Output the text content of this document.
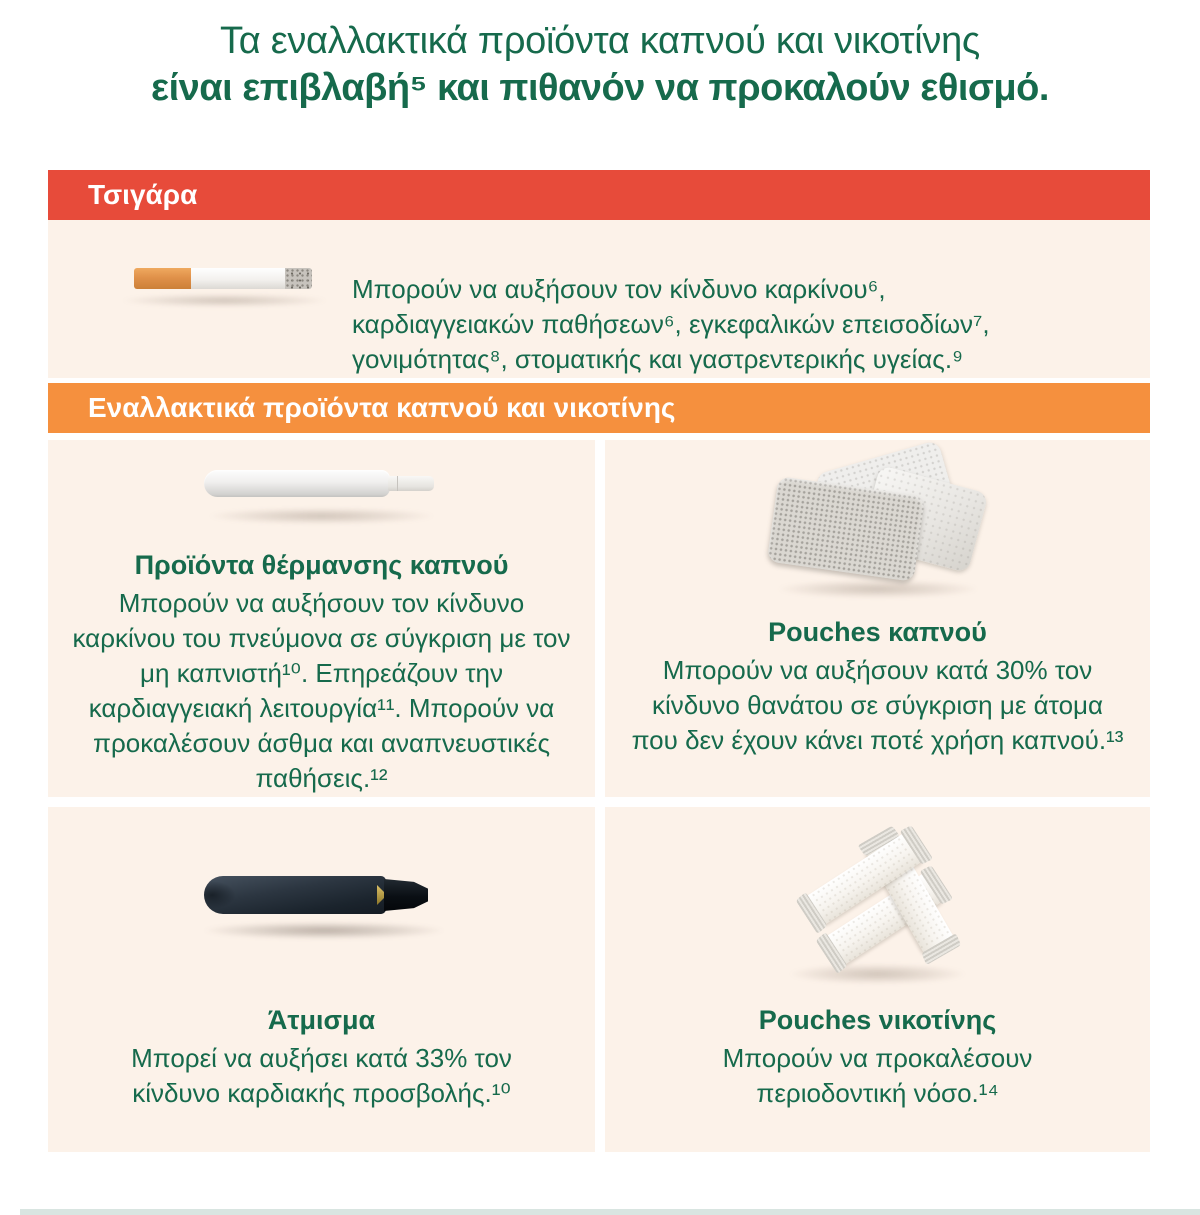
Τα εναλλακτικά προϊόντα καπνού και νικοτίνης
είναι επιβλαβή⁵ και πιθανόν να προκαλούν εθισμό.
Τσιγάρα

Μπορούν να αυξήσουν τον κίνδυνο καρκίνου⁶, καρδιαγγειακών παθήσεων⁶, εγκεφαλικών επεισοδίων⁷, γονιμότητας⁸, στοματικής και γαστρεντερικής υγείας.⁹

Εναλλακτικά προϊόντα καπνού και νικοτίνης
Προϊόντα θέρμανσης καπνού

Μπορούν να αυξήσουν τον κίνδυνο καρκίνου του πνεύμονα σε σύγκριση με τον μη καπνιστή¹⁰. Επηρεάζουν την καρδιαγγειακή λειτουργία¹¹. Μπορούν να προκαλέσουν άσθμα και αναπνευστικές παθήσεις.¹²

Pouches καπνού

Μπορούν να αυξήσουν κατά 30% τον κίνδυνο θανάτου σε σύγκριση με άτομα που δεν έχουν κάνει ποτέ χρήση καπνού.¹³

Άτμισμα

Μπορεί να αυξήσει κατά 33% τον κίνδυνο καρδιακής προσβολής.¹⁰

Pouches νικοτίνης

Μπορούν να προκαλέσουν περιοδοντική νόσο.¹⁴
